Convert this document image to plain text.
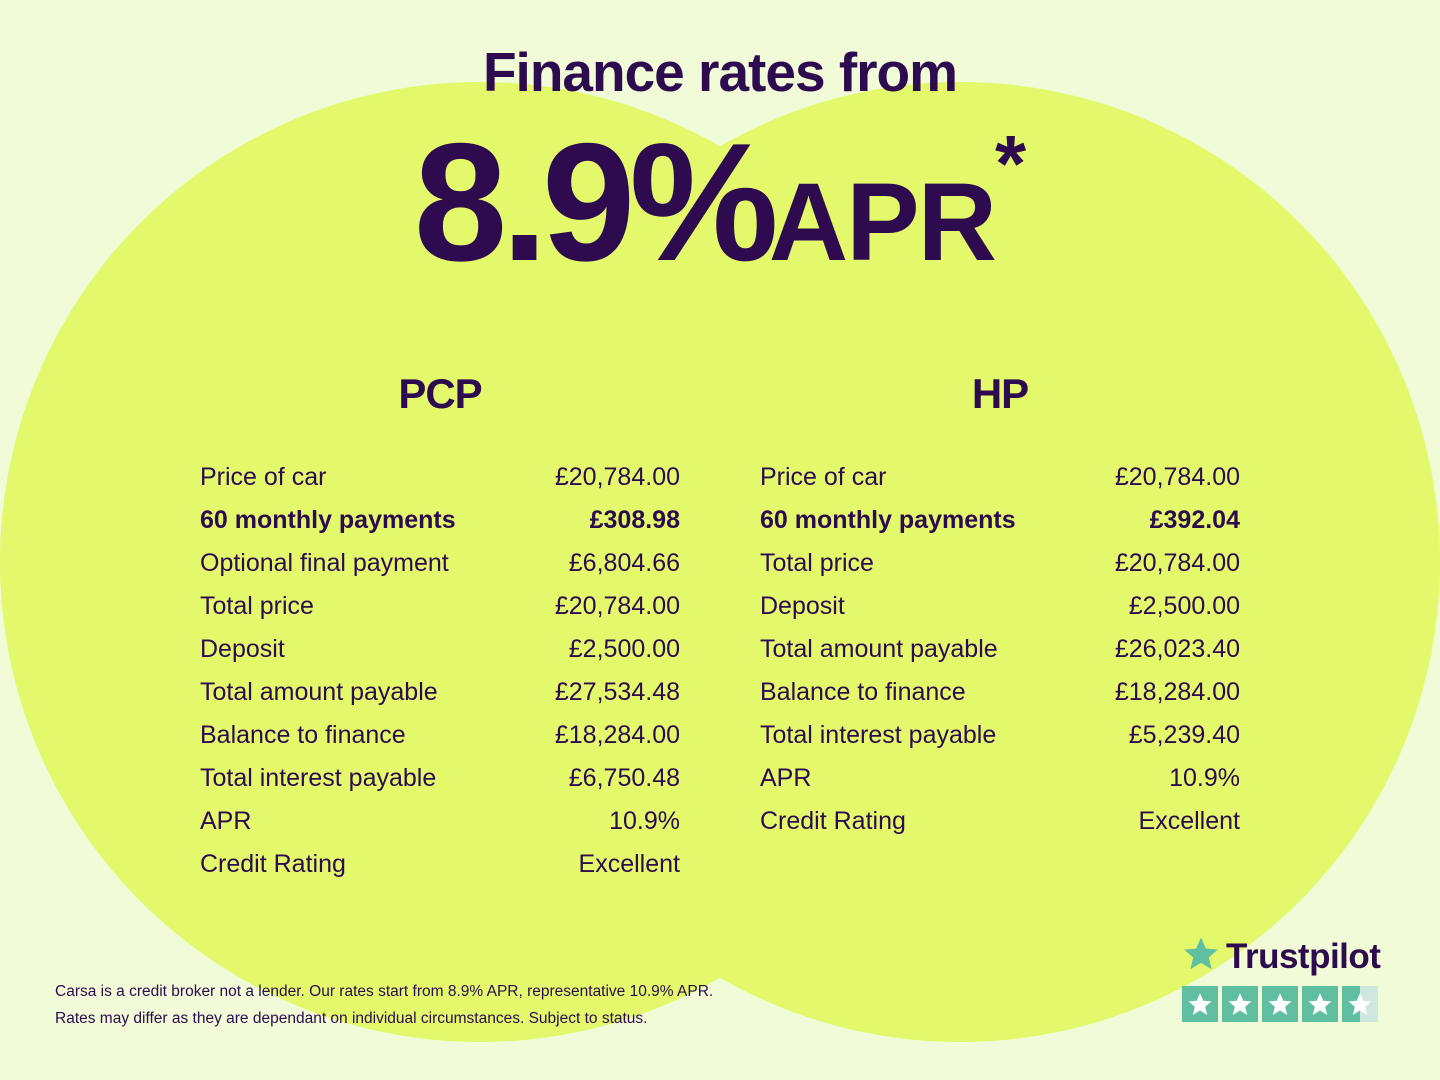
Finance rates from
8.9%APR*
PCP
Price of car	£20,784.00
60 monthly payments	£308.98
Optional final payment	£6,804.66
Total price	£20,784.00
Deposit	£2,500.00
Total amount payable	£27,534.48
Balance to finance	£18,284.00
Total interest payable	£6,750.48
APR	10.9%
Credit Rating	Excellent
HP
Price of car	£20,784.00
60 monthly payments	£392.04
Total price	£20,784.00
Deposit	£2,500.00
Total amount payable	£26,023.40
Balance to finance	£18,284.00
Total interest payable	£5,239.40
APR	10.9%
Credit Rating	Excellent
Carsa is a credit broker not a lender. Our rates start from 8.9% APR, representative 10.9% APR.
Rates may differ as they are dependant on individual circumstances. Subject to status.
Trustpilot
